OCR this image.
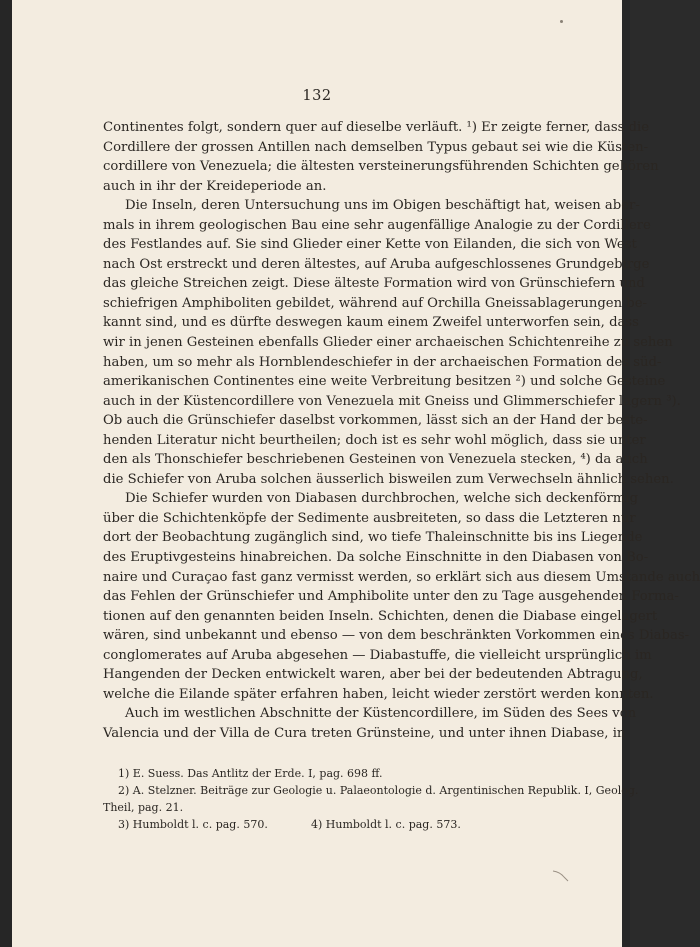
132
Continentes folgt, sondern quer auf dieselbe verläuft. ¹) Er zeigte ferner, dass die
Cordillere der grossen Antillen nach demselben Typus gebaut sei wie die Küsten-
cordillere von Venezuela; die ältesten versteinerungsführenden Schichten gehören
auch in ihr der Kreideperiode an.
Die Inseln, deren Untersuchung uns im Obigen beschäftigt hat, weisen aber-
mals in ihrem geologischen Bau eine sehr augenfällige Analogie zu der Cordillere
des Festlandes auf. Sie sind Glieder einer Kette von Eilanden, die sich von West
nach Ost erstreckt und deren ältestes, auf Aruba aufgeschlossenes Grundgebirge
das gleiche Streichen zeigt. Diese älteste Formation wird von Grünschiefern und
schiefrigen Amphiboliten gebildet, während auf Orchilla Gneissablagerungen be-
kannt sind, und es dürfte deswegen kaum einem Zweifel unterworfen sein, dass
wir in jenen Gesteinen ebenfalls Glieder einer archaeischen Schichtenreihe zu sehen
haben, um so mehr als Hornblendeschiefer in der archaeischen Formation des süd-
amerikanischen Continentes eine weite Verbreitung besitzen ²) und solche Gesteine
auch in der Küstencordillere von Venezuela mit Gneiss und Glimmerschiefer lagern ³).
Ob auch die Grünschiefer daselbst vorkommen, lässt sich an der Hand der beste-
henden Literatur nicht beurtheilen; doch ist es sehr wohl möglich, dass sie unter
den als Thonschiefer beschriebenen Gesteinen von Venezuela stecken, ⁴) da auch
die Schiefer von Aruba solchen äusserlich bisweilen zum Verwechseln ähnlich sehen.
Die Schiefer wurden von Diabasen durchbrochen, welche sich deckenförmig
über die Schichtenköpfe der Sedimente ausbreiteten, so dass die Letzteren nur
dort der Beobachtung zugänglich sind, wo tiefe Thaleinschnitte bis ins Liegende
des Eruptivgesteins hinabreichen. Da solche Einschnitte in den Diabasen von Bo-
naire und Curaçao fast ganz vermisst werden, so erklärt sich aus diesem Umstande auch
das Fehlen der Grünschiefer und Amphibolite unter den zu Tage ausgehenden Forma-
tionen auf den genannten beiden Inseln. Schichten, denen die Diabase eingelagert
wären, sind unbekannt und ebenso — von dem beschränkten Vorkommen eines Diabas-
conglomerates auf Aruba abgesehen — Diabastuffe, die vielleicht ursprünglich im
Hangenden der Decken entwickelt waren, aber bei der bedeutenden Abtragung,
welche die Eilande später erfahren haben, leicht wieder zerstört werden konnten.
Auch im westlichen Abschnitte der Küstencordillere, im Süden des Sees von
Valencia und der Villa de Cura treten Grünsteine, und unter ihnen Diabase, in
1) E. Suess. Das Antlitz der Erde. I, pag. 698 ff.
2) A. Stelzner. Beiträge zur Geologie u. Palaeontologie d. Argentinischen Republik. I, Geolog.
Theil, pag. 21.
3) Humboldt l. c. pag. 570.	4) Humboldt l. c. pag. 573.
